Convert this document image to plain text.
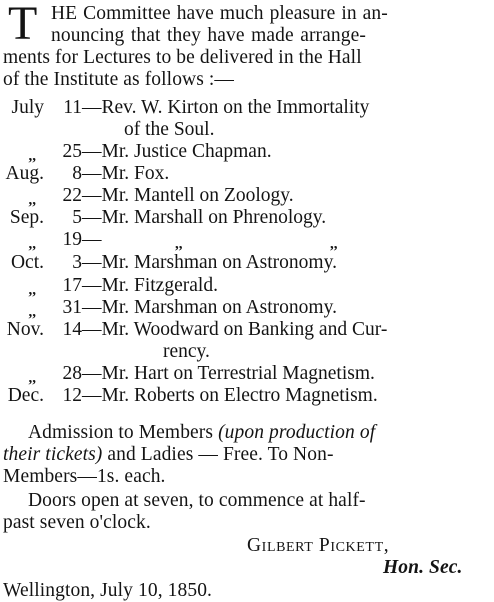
T HE Committee have much pleasure in an-
nouncing that they have made arrange-
ments for Lectures to be delivered in the Hall
of the Institute as follows :—
July 11 —Rev. W. Kirton on the Immortality
of the Soul.
,, 25 —Mr. Justice Chapman.
Aug. 8 —Mr. Fox.
,, 22 —Mr. Mantell on Zoology.
Sep. 5 —Mr. Marshall on Phrenology.
,, 19 —	,,	,,
Oct. 3 —Mr. Marshman on Astronomy.
,, 17 —Mr. Fitzgerald.
,, 31 —Mr. Marshman on Astronomy.
Nov. 14 —Mr. Woodward on Banking and Cur-
rency.
,, 28 —Mr. Hart on Terrestrial Magnetism.
Dec. 12 —Mr. Roberts on Electro Magnetism.
Admission to Members (upon production of
their tickets) and Ladies — Free. To Non-
Members—1s. each.
Doors open at seven, to commence at half-
past seven o'clock.
Gilbert Pickett,
Hon. Sec.
Wellington, July 10, 1850.
